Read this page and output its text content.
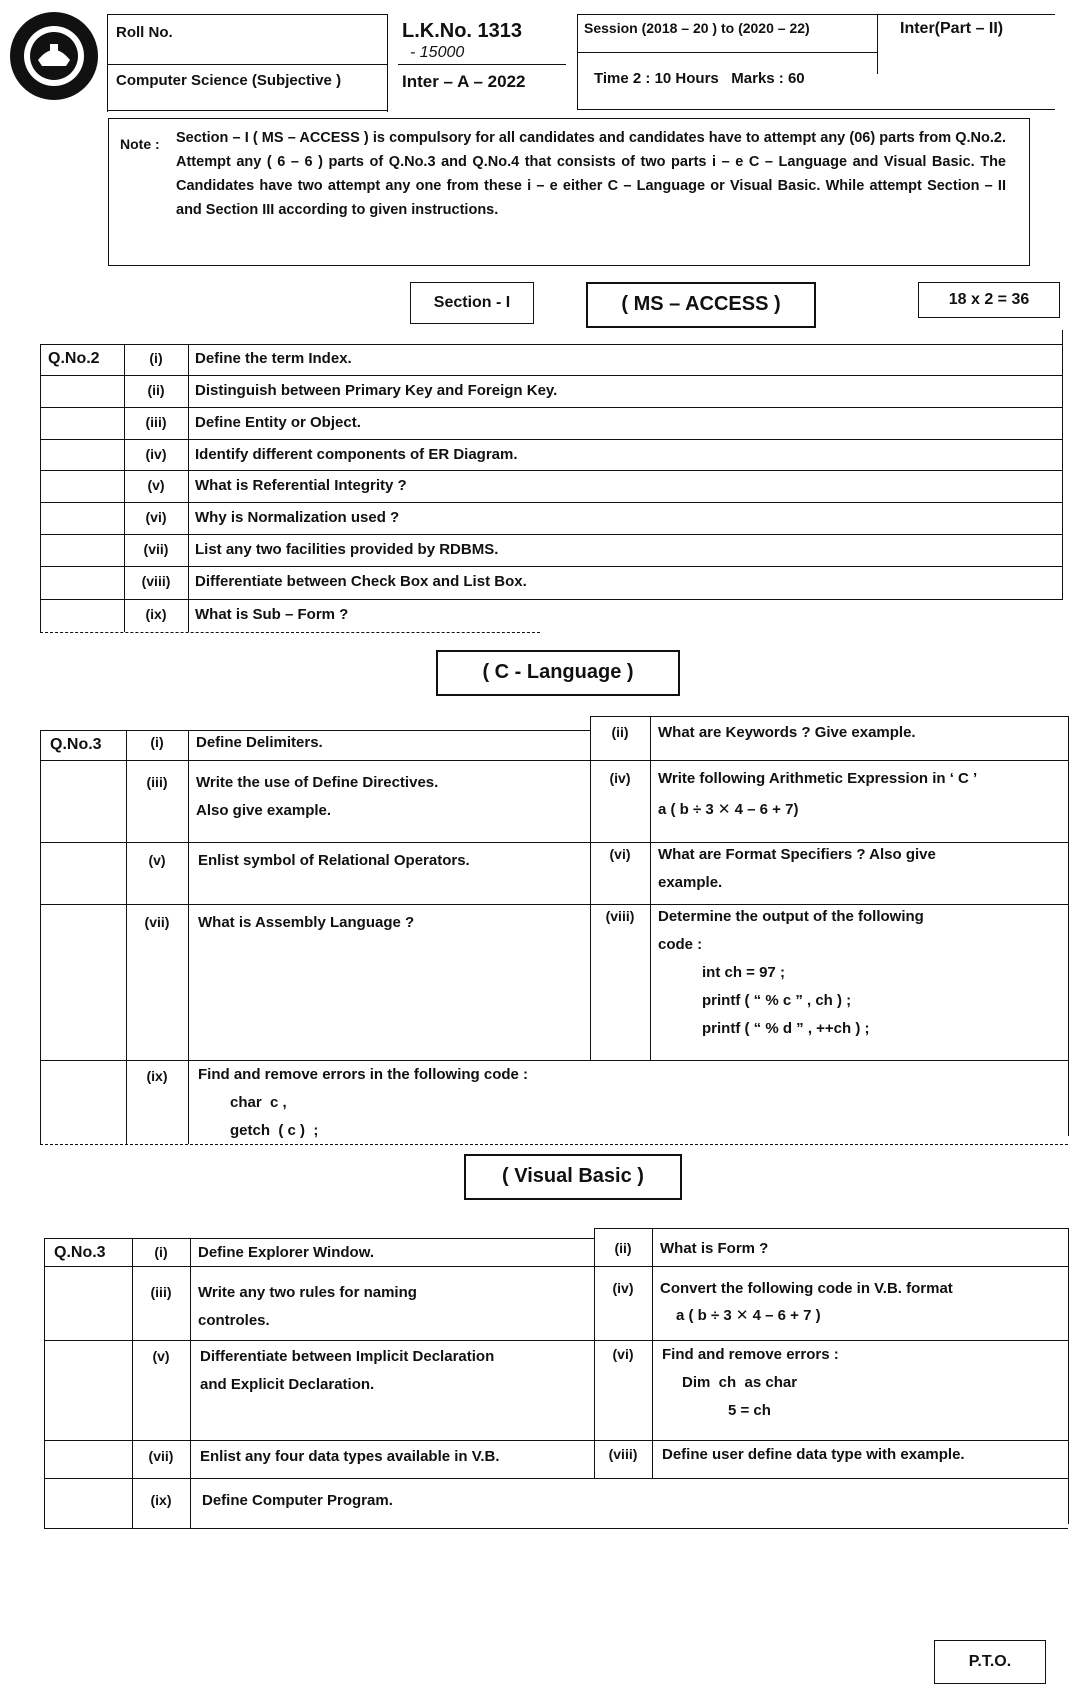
Roll No.
Computer Science (Subjective )
L.K.No. 1313
- 15000
Inter – A – 2022
Session (2018 – 20 ) to (2020 – 22)	Inter(Part – II)
Time 2 : 10 Hours   Marks : 60
Note : Section – I ( MS – ACCESS ) is compulsory for all candidates and candidates have to attempt any (06) parts from Q.No.2. Attempt any ( 6 – 6 ) parts of Q.No.3 and Q.No.4 that consists of two parts i – e C – Language and Visual Basic. The Candidates have two attempt any one from these i – e either C – Language or Visual Basic. While attempt Section – II and Section III according to given instructions.
Section - I	( MS – ACCESS )	18 x 2 = 36
Q.No.2	(i)	Define the term Index.
(ii)	Distinguish between Primary Key and Foreign Key.
(iii)	Define Entity or Object.
(iv)	Identify different components of ER Diagram.
(v)	What is Referential Integrity ?
(vi)	Why is Normalization used ?
(vii)	List any two facilities provided by RDBMS.
(viii)	Differentiate between Check Box and List Box.
(ix)	What is Sub – Form ?
( C - Language )
Q.No.3	(i)	Define Delimiters.
(ii)	What are Keywords ? Give example.
(iii)	Write the use of Define Directives.
Also give example.
(iv)	Write following Arithmetic Expression in ‘ C ’
a ( b ÷ 3 ✕ 4 – 6 + 7)
(v)	Enlist symbol of Relational Operators.	(vi)	What are Format Specifiers ? Also give
example.
(vii)	What is Assembly Language ?	(viii)	Determine the output of the following
code :
int ch = 97 ;
printf ( “ % c ” , ch ) ;
printf ( “ % d ” , ++ch ) ;
(ix)	Find and remove errors in the following code :
char  c ,
getch  ( c )  ;
( Visual Basic )
Q.No.3	(i)	Define Explorer Window.	(ii)	What is Form ?
(iii)	Write any two rules for naming
controles.
(iv)	Convert the following code in V.B. format
a ( b ÷ 3 ✕ 4 – 6 + 7 )
(v)	Differentiate between Implicit Declaration
and Explicit Declaration.
(vi)	Find and remove errors :
Dim  ch  as char
5 = ch
(vii)	Enlist any four data types available in V.B.	(viii)	Define user define data type with example.
(ix)	Define Computer Program.
P.T.O.
